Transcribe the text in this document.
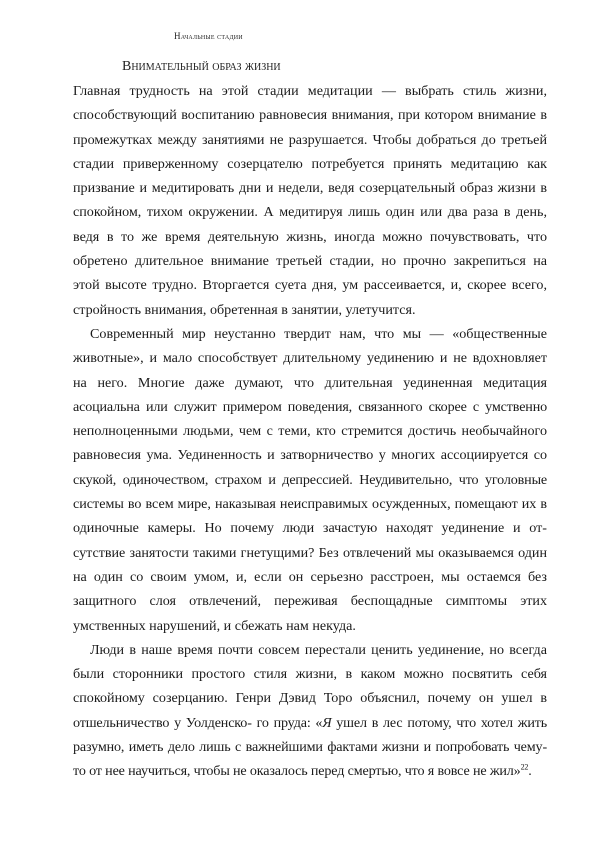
Начальные стадии
Внимательный образ жизни
Главная трудность на этой стадии медитации — выбрать стиль жизни,
способствующий воспитанию равновесия внимания, при котором внимание в
промежутках между занятиями не разрушается. Чтобы добраться до третьей
стадии приверженному созерцателю потребуется принять медитацию как
призвание и медитировать дни и недели, ведя созерцательный образ жизни в
спокойном, тихом окружении. А медитируя лишь один или два раза в день,
ведя в то же время деятельную жизнь, иногда можно почувствовать, что
обретено длительное внимание третьей стадии, но прочно закрепиться на
этой высоте трудно. Вторгается суета дня, ум рассеивается, и, скорее всего,
стройность внимания, обретенная в занятии, улетучится.
Современный мир неустанно твердит нам, что мы — «общественные
животные», и мало способствует длительному уединению и не вдохновляет
на него. Многие даже думают, что длительная уединенная медитация
асоциальна или служит примером поведения, связанного скорее с умственно
неполноценными людьми, чем с теми, кто стремится достичь необычайного
равновесия ума. Уединенность и затворничество у многих ассоциируется со
скукой, одиночеством, страхом и депрессией. Неудивительно, что уголовные
системы во всем мире, наказывая неисправимых осужденных, помещают их в
одиночные камеры. Но почему люди зачастую находят уединение и от-
сутствие занятости такими гнетущими? Без отвлечений мы оказываемся один
на один со своим умом, и, если он серьезно расстроен, мы остаемся без
защитного слоя отвлечений, переживая беспощадные симптомы этих
умственных нарушений, и сбежать нам некуда.
Люди в наше время почти совсем перестали ценить уединение, но всегда
были сторонники простого стиля жизни, в каком можно посвятить себя
спокойному созерцанию. Генри Дэвид Торо объяснил, почему он ушел в
отшельничество у Уолденско- го пруда: «Я ушел в лес потому, что хотел жить
разумно, иметь дело лишь с важнейшими фактами жизни и попробовать чему-
то от нее научиться, чтобы не оказалось перед смертью, что я вовсе не жил»$^{22}$.
